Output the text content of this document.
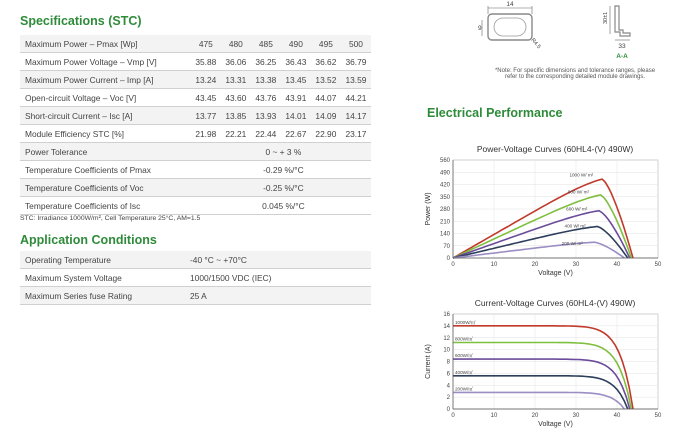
Specifications (STC)
Maximum Power – Pmax [Wp]	475	480	485	490	495	500
Maximum Power Voltage – Vmp [V]	35.88	36.06	36.25	36.43	36.62	36.79
Maximum Power Current – Imp [A]	13.24	13.31	13.38	13.45	13.52	13.59
Open-circuit Voltage – Voc [V]	43.45	43.60	43.76	43.91	44.07	44.21
Short-circuit Current – Isc [A]	13.77	13.85	13.93	14.01	14.09	14.17
Module Efficiency STC [%]	21.98	22.21	22.44	22.67	22.90	23.17
Power Tolerance	0 ~ + 3 %					
Temperature Coefficients of Pmax	-0.29 %/°C					
Temperature Coefficients of Voc	-0.25 %/°C					
Temperature Coefficients of Isc	0.045 %/°C					
STC: Irradiance 1000W/m², Cell Temperature 25°C, AM=1.5
Application Conditions
Operating Temperature	-40 °C ~ +70°C
Maximum System Voltage	1000/1500 VDC (IEC)
Maximum Series fuse Rating	25 A
14
9
R4.5
30±1
33
A-A
*Note: For specific dimensions and tolerance ranges, please
refer to the corresponding detailed module drawings.
Electrical Performance
Power-Voltage Curves (60HL4-(V) 490W)
0
70
140
210
280
350
420
490
560
0	10	20	30	40	50
Voltage (V)
Power (W)
1000 W/ m²
800 W/ m²
600 W/ m²
400 W/ m²
200 W/ m²
Current-Voltage Curves (60HL4-(V) 490W)
0
2
4
6
8
10
12
14
16
0	10	20	30	40	50
Voltage (V)
Current (A)
1000W/㎡
800W/㎡
600W/㎡
400W/㎡
200W/㎡
